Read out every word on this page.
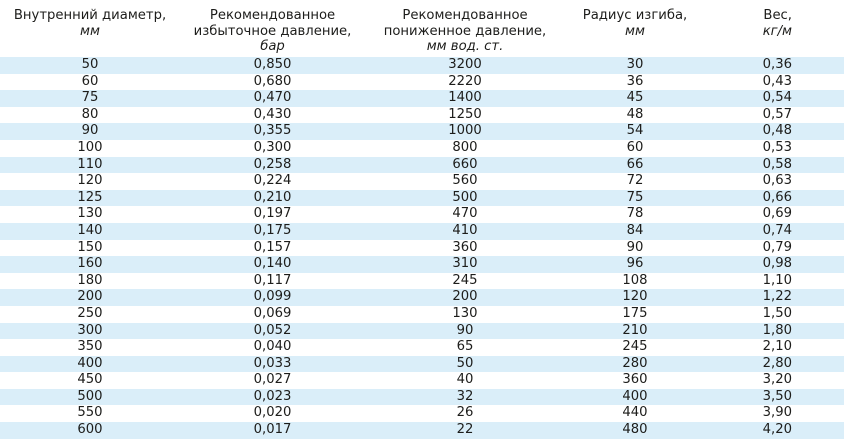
Внутренний диаметр,
мм	Рекомендованное
избыточное давление,
бар	Рекомендованное
пониженное давление,
мм вод. ст.	Радиус изгиба,
мм	Вес,
кг/м

50	0,850	3200	30	0,36
60	0,680	2220	36	0,43
75	0,470	1400	45	0,54
80	0,430	1250	48	0,57
90	0,355	1000	54	0,48
100	0,300	800	60	0,53
110	0,258	660	66	0,58
120	0,224	560	72	0,63
125	0,210	500	75	0,66
130	0,197	470	78	0,69
140	0,175	410	84	0,74
150	0,157	360	90	0,79
160	0,140	310	96	0,98
180	0,117	245	108	1,10
200	0,099	200	120	1,22
250	0,069	130	175	1,50
300	0,052	90	210	1,80
350	0,040	65	245	2,10
400	0,033	50	280	2,80
450	0,027	40	360	3,20
500	0,023	32	400	3,50
550	0,020	26	440	3,90
600	0,017	22	480	4,20
